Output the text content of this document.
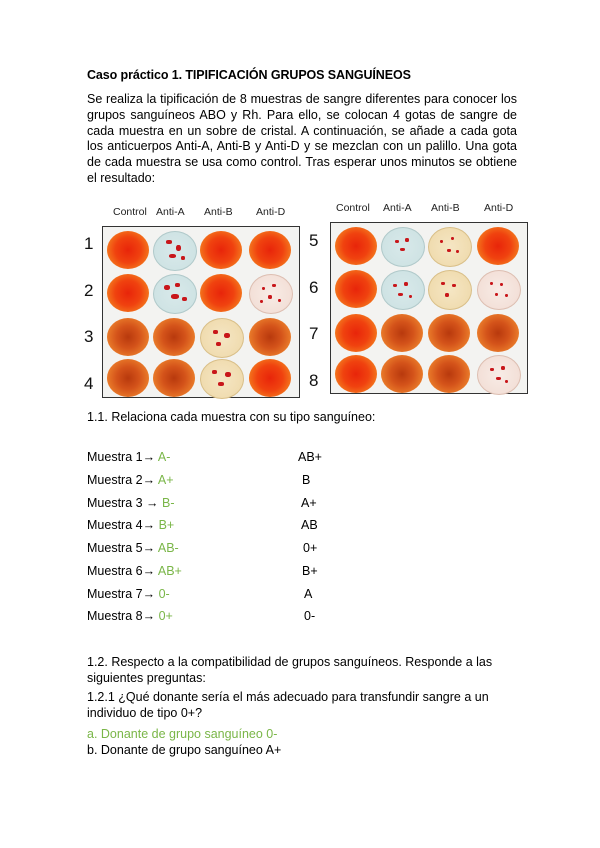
Caso práctico 1. TIPIFICACIÓN GRUPOS SANGUÍNEOS
Se realiza la tipificación de 8 muestras de sangre diferentes para conocer los grupos sanguíneos ABO y Rh. Para ello, se colocan 4 gotas de sangre de cada muestra en un sobre de cristal. A continuación, se añade a cada gota los anticuerpos Anti-A, Anti-B y Anti-D y se mezclan con un palillo. Una gota de cada muestra se usa como control. Tras esperar unos minutos se obtiene el resultado:
Control Anti-A Anti-B Anti-D	Control Anti-A Anti-B Anti-D
1
2
3
4
5
6
7
8
1.1. Relaciona cada muestra con su tipo sanguíneo:
Muestra 1→ A-
Muestra 2→ A+
Muestra 3 → B-
Muestra 4→ B+
Muestra 5→ AB-
Muestra 6→ AB+
Muestra 7→ 0-
Muestra 8→ 0+
AB+
B
A+
AB
0+
B+
A
0-
1.2. Respecto a la compatibilidad de grupos sanguíneos. Responde a las siguientes preguntas:
1.2.1 ¿Qué donante sería el más adecuado para transfundir sangre a un individuo de tipo 0+?
a. Donante de grupo sanguíneo 0-
b. Donante de grupo sanguíneo A+
